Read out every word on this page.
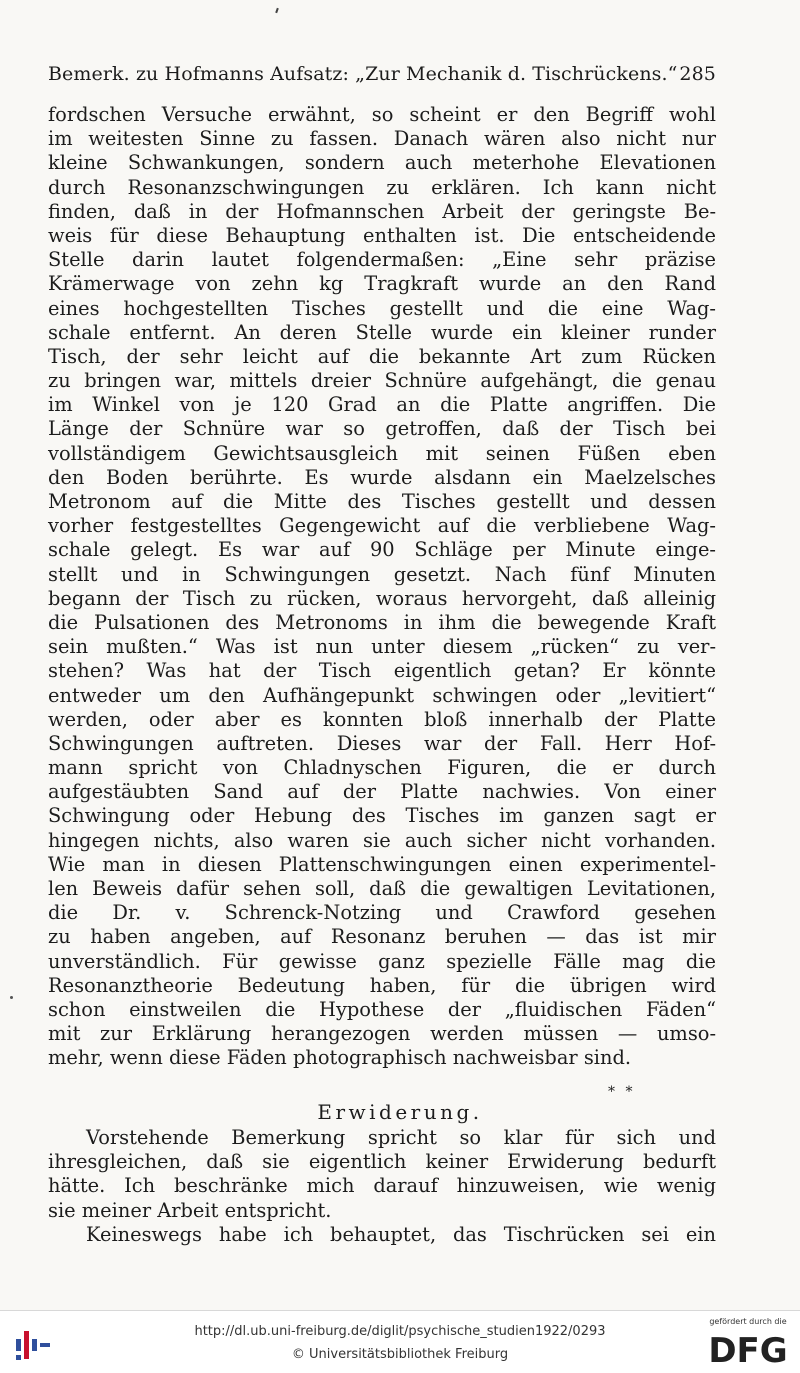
Bemerk. zu Hofmanns Aufsatz: „Zur Mechanik d. Tischrückens.“ 285
fordschen Versuche erwähnt, so scheint er den Begriff wohl
im weitesten Sinne zu fassen. Danach wären also nicht nur
kleine Schwankungen, sondern auch meterhohe Elevationen
durch Resonanzschwingungen zu erklären. Ich kann nicht
finden, daß in der Hofmannschen Arbeit der geringste Be-
weis für diese Behauptung enthalten ist. Die entscheidende
Stelle darin lautet folgendermaßen: „Eine sehr präzise
Krämerwage von zehn kg Tragkraft wurde an den Rand
eines hochgestellten Tisches gestellt und die eine Wag-
schale entfernt. An deren Stelle wurde ein kleiner runder
Tisch, der sehr leicht auf die bekannte Art zum Rücken
zu bringen war, mittels dreier Schnüre aufgehängt, die genau
im Winkel von je 120 Grad an die Platte angriffen. Die
Länge der Schnüre war so getroffen, daß der Tisch bei
vollständigem Gewichtsausgleich mit seinen Füßen eben
den Boden berührte. Es wurde alsdann ein Maelzelsches
Metronom auf die Mitte des Tisches gestellt und dessen
vorher festgestelltes Gegengewicht auf die verbliebene Wag-
schale gelegt. Es war auf 90 Schläge per Minute einge-
stellt und in Schwingungen gesetzt. Nach fünf Minuten
begann der Tisch zu rücken, woraus hervorgeht, daß alleinig
die Pulsationen des Metronoms in ihm die bewegende Kraft
sein mußten.“ Was ist nun unter diesem „rücken“ zu ver-
stehen? Was hat der Tisch eigentlich getan? Er könnte
entweder um den Aufhängepunkt schwingen oder „levitiert“
werden, oder aber es konnten bloß innerhalb der Platte
Schwingungen auftreten. Dieses war der Fall. Herr Hof-
mann spricht von Chladnyschen Figuren, die er durch
aufgestäubten Sand auf der Platte nachwies. Von einer
Schwingung oder Hebung des Tisches im ganzen sagt er
hingegen nichts, also waren sie auch sicher nicht vorhanden.
Wie man in diesen Plattenschwingungen einen experimentel-
len Beweis dafür sehen soll, daß die gewaltigen Levitationen,
die Dr. v. Schrenck-Notzing und Crawford gesehen
zu haben angeben, auf Resonanz beruhen — das ist mir
unverständlich. Für gewisse ganz spezielle Fälle mag die
Resonanztheorie Bedeutung haben, für die übrigen wird
schon einstweilen die Hypothese der „fluidischen Fäden“
mit zur Erklärung herangezogen werden müssen — umso-
mehr, wenn diese Fäden photographisch nachweisbar sind.
* *
Erwiderung.
Vorstehende Bemerkung spricht so klar für sich und
ihresgleichen, daß sie eigentlich keiner Erwiderung bedurft
hätte. Ich beschränke mich darauf hinzuweisen, wie wenig
sie meiner Arbeit entspricht.
Keineswegs habe ich behauptet, das Tischrücken sei ein
http://dl.ub.uni-freiburg.de/diglit/psychische_studien1922/0293
© Universitätsbibliothek Freiburg
gefördert durch die
DFG
